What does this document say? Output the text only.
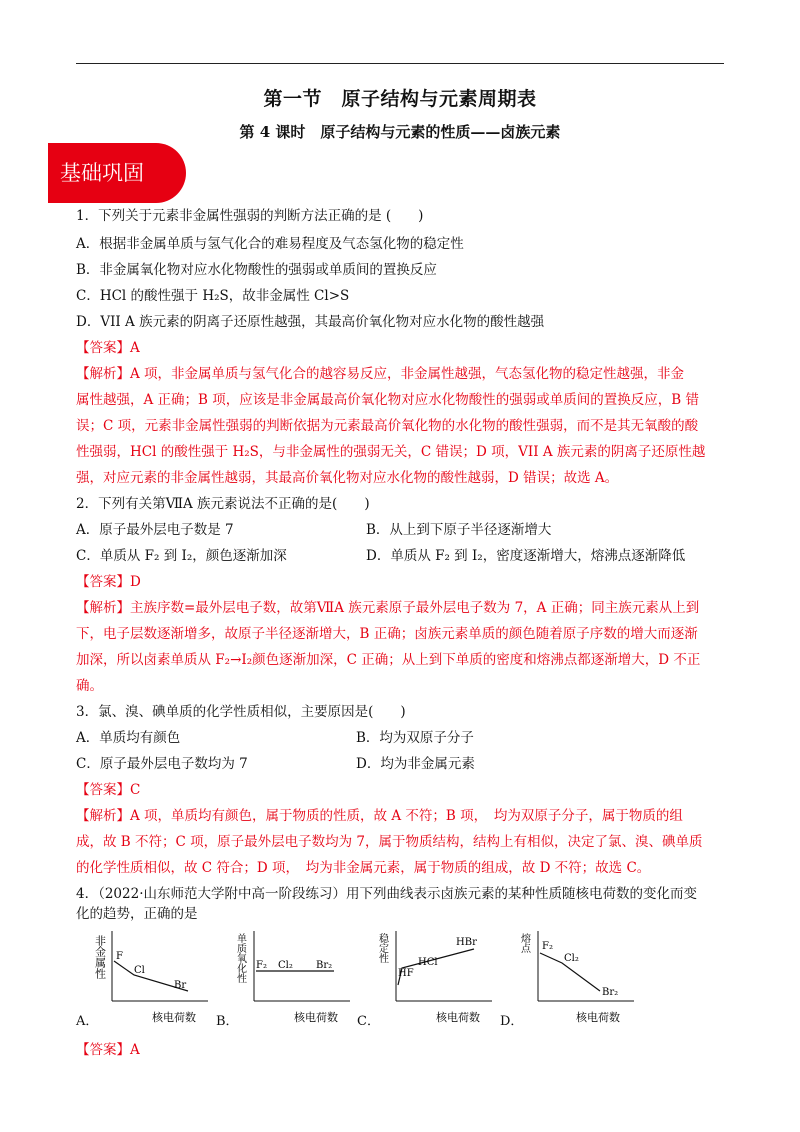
第一节　原子结构与元素周期表
第 4 课时　原子结构与元素的性质——卤族元素
基础巩固
1．下列关于元素非金属性强弱的判断方法正确的是 (　　)
A．根据非金属单质与氢气化合的难易程度及气态氢化物的稳定性
B．非金属氧化物对应水化物酸性的强弱或单质间的置换反应
C．HCl 的酸性强于 H₂S，故非金属性 Cl>S
D．VII A 族元素的阴离子还原性越强，其最高价氧化物对应水化物的酸性越强
【答案】A
【解析】A 项，非金属单质与氢气化合的越容易反应，非金属性越强，气态氢化物的稳定性越强，非金
属性越强，A 正确；B 项，应该是非金属最高价氧化物对应水化物酸性的强弱或单质间的置换反应，B 错
误；C 项，元素非金属性强弱的判断依据为元素最高价氧化物的水化物的酸性强弱，而不是其无氧酸的酸
性强弱，HCl 的酸性强于 H₂S，与非金属性的强弱无关，C 错误；D 项，VII A 族元素的阴离子还原性越
强，对应元素的非金属性越弱，其最高价氧化物对应水化物的酸性越弱，D 错误；故选 A。
2．下列有关第ⅦA 族元素说法不正确的是(　　)
A．原子最外层电子数是 7	B．从上到下原子半径逐渐增大
C．单质从 F₂ 到 I₂，颜色逐渐加深	D．单质从 F₂ 到 I₂，密度逐渐增大，熔沸点逐渐降低
【答案】D
【解析】主族序数=最外层电子数，故第ⅦA 族元素原子最外层电子数为 7，A 正确；同主族元素从上到
下，电子层数逐渐增多，故原子半径逐渐增大，B 正确；卤族元素单质的颜色随着原子序数的增大而逐渐
加深，所以卤素单质从 F₂→I₂颜色逐渐加深，C 正确；从上到下单质的密度和熔沸点都逐渐增大，D 不正
确。
3．氯、溴、碘单质的化学性质相似，主要原因是(　　)
A．单质均有颜色	B．均为双原子分子
C．原子最外层电子数均为 7	D．均为非金属元素
【答案】C
【解析】A 项，单质均有颜色，属于物质的性质，故 A 不符；B 项，　均为双原子分子，属于物质的组
成，故 B 不符；C 项，原子最外层电子数均为 7，属于物质结构，结构上有相似，决定了氯、溴、碘单质
的化学性质相似，故 C 符合；D 项，　均为非金属元素，属于物质的组成，故 D 不符；故选 C。
4．（2022·山东师范大学附中高一阶段练习）用下列曲线表示卤族元素的某种性质随核电荷数的变化而变
化的趋势，正确的是
A．
非金属性 F
Cl
Br
核电荷数 B．
单质氧化性 F₂ Cl₂ Br₂
核电荷数 C．
稳定性
HF
HCl
HBr
核电荷数 D．
熔点 F₂
Cl₂
Br₂
核电荷数
【答案】A
